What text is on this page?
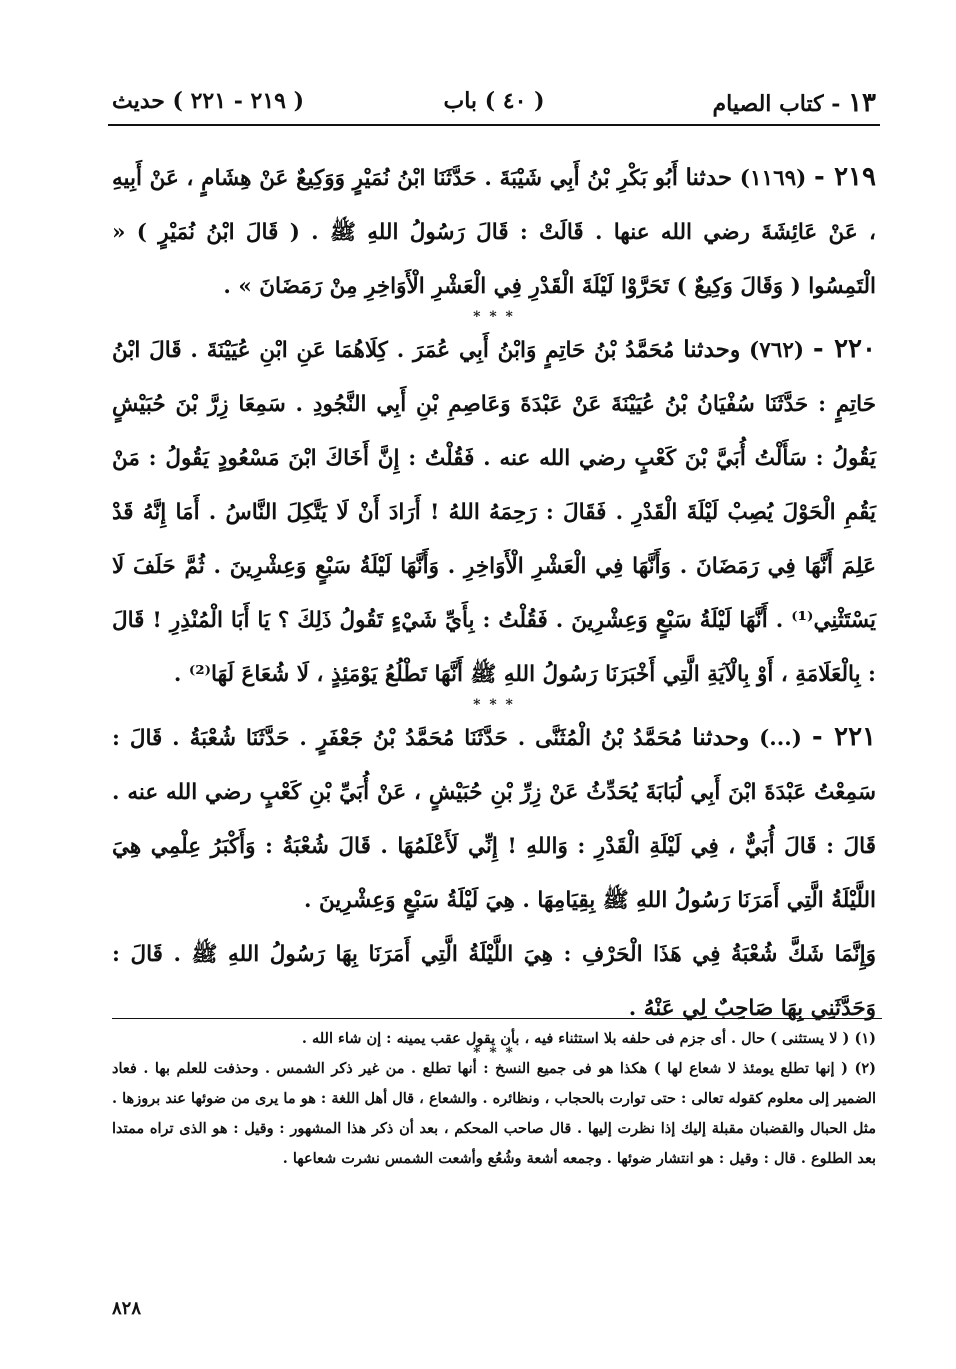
١٣ - كتاب الصيام
( ٤٠ ) باب
( ٢١٩ - ٢٢١ ) حديث

٢١٩ - (١١٦٩) حدثنا أَبُو بَكْرِ بْنُ أَبِي شَيْبَةَ . حَدَّثَنَا ابْنُ نُمَيْرٍ وَوَكِيعٌ عَنْ هِشَامٍ ، عَنْ أَبِيهِ ، عَنْ عَائِشَةَ رضي الله عنها . قَالَتْ : قَالَ رَسُولُ اللهِ ﷺ . ( قَالَ ابْنُ نُمَيْرٍ ) « الْتَمِسُوا ( وَقَالَ وَكِيعٌ ) تَحَرَّوْا لَيْلَةَ الْقَدْرِ فِي الْعَشْرِ الْأَوَاخِرِ مِنْ رَمَضَانَ » .

* * *

٢٢٠ - (٧٦٢) وحدثنا مُحَمَّدُ بْنُ حَاتِمٍ وَابْنُ أَبِي عُمَرَ . كِلَاهُمَا عَنِ ابْنِ عُيَيْنَةَ . قَالَ ابْنُ حَاتِمٍ : حَدَّثَنَا سُفْيَانُ بْنُ عُيَيْنَةَ عَنْ عَبْدَةَ وَعَاصِمِ بْنِ أَبِي النَّجُودِ . سَمِعَا زِرَّ بْنَ حُبَيْشٍ يَقُولُ : سَأَلْتُ أُبَيَّ بْنَ كَعْبٍ رضي الله عنه . فَقُلْتُ : إِنَّ أَخَاكَ ابْنَ مَسْعُودٍ يَقُولُ : مَنْ يَقُمِ الْحَوْلَ يُصِبْ لَيْلَةَ الْقَدْرِ . فَقَالَ : رَحِمَهُ اللهُ ! أَرَادَ أَنْ لَا يَتَّكِلَ النَّاسُ . أَمَا إِنَّهُ قَدْ عَلِمَ أَنَّهَا فِي رَمَضَانَ . وَأَنَّهَا فِي الْعَشْرِ الْأَوَاخِرِ . وَأَنَّهَا لَيْلَةُ سَبْعٍ وَعِشْرِينَ . ثُمَّ حَلَفَ لَا يَسْتَثْنِي⁽¹⁾ . أَنَّهَا لَيْلَةُ سَبْعٍ وَعِشْرِينَ . فَقُلْتُ : بِأَيِّ شَيْءٍ تَقُولُ ذَلِكَ ؟ يَا أَبَا الْمُنْذِرِ ! قَالَ : بِالْعَلَامَةِ ، أَوْ بِالْآيَةِ الَّتِي أَخْبَرَنَا رَسُولُ اللهِ ﷺ أَنَّهَا تَطْلُعُ يَوْمَئِذٍ ، لَا شُعَاعَ لَهَا⁽²⁾ .

* * *

٢٢١ - (...) وحدثنا مُحَمَّدُ بْنُ الْمُثَنَّى . حَدَّثَنَا مُحَمَّدُ بْنُ جَعْفَرٍ . حَدَّثَنَا شُعْبَةُ . قَالَ : سَمِعْتُ عَبْدَةَ ابْنَ أَبِي لُبَابَةَ يُحَدِّثُ عَنْ زِرِّ بْنِ حُبَيْشٍ ، عَنْ أُبَيِّ بْنِ كَعْبٍ رضي الله عنه . قَالَ : قَالَ أُبَيٌّ ، فِي لَيْلَةِ الْقَدْرِ : وَاللهِ ! إِنِّي لَأَعْلَمُهَا . قَالَ شُعْبَةُ : وَأَكْبَرُ عِلْمِي هِيَ اللَّيْلَةُ الَّتِي أَمَرَنَا رَسُولُ اللهِ ﷺ بِقِيَامِهَا . هِيَ لَيْلَةُ سَبْعٍ وَعِشْرِينَ .

وَإِنَّمَا شَكَّ شُعْبَةُ فِي هَذَا الْحَرْفِ : هِيَ اللَّيْلَةُ الَّتِي أَمَرَنَا بِهَا رَسُولُ اللهِ ﷺ . قَالَ : وَحَدَّثَنِي بِهَا صَاحِبٌ لِي عَنْهُ .

* * *

(١) ( لا يستثنى ) حال . أى جزم فى حلفه بلا استثناء فيه ، بأن يقول عقب يمينه : إن شاء الله .

(٢) ( إنها تطلع يومئذ لا شعاع لها ) هكذا هو فى جميع النسخ : أنها تطلع . من غير ذكر الشمس . وحذفت للعلم بها . فعاد الضمير إلى معلوم كقوله تعالى : حتى توارت بالحجاب ، ونظائره . والشعاع ، قال أهل اللغة : هو ما يرى من ضوئها عند بروزها . مثل الحبال والقضبان مقبلة إليك إذا نظرت إليها . قال صاحب المحكم ، بعد أن ذكر هذا المشهور : وقيل : هو الذى تراه ممتدا بعد الطلوع . قال : وقيل : هو انتشار ضوئها . وجمعه أشعة وشُعُع وأشعت الشمس نشرت شعاعها .

٨٢٨
